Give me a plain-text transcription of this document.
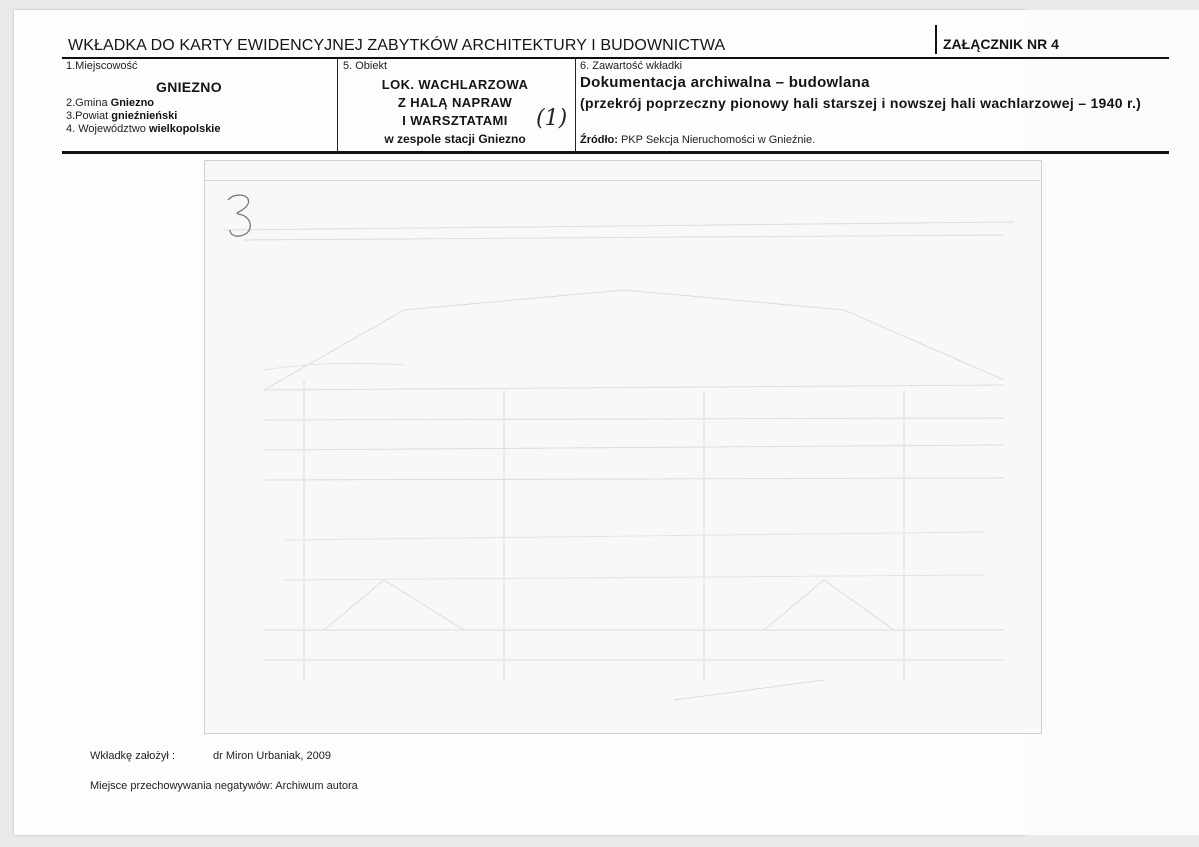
WKŁADKA DO KARTY EWIDENCYJNEJ ZABYTKÓW ARCHITEKTURY I BUDOWNICTWA	ZAŁĄCZNIK NR 4
1.Miejscowość
GNIEZNO
2.Gmina Gniezno
3.Powiat gnieźnieński
4. Województwo wielkopolskie
5. Obiekt
LOK. WACHLARZOWA
Z HALĄ NAPRAW
I WARSZTATAMI	(1)
w zespole stacji Gniezno
6. Zawartość wkładki
Dokumentacja archiwalna – budowlana
(przekrój poprzeczny pionowy hali starszej i nowszej hali wachlarzowej – 1940 r.)
Źródło: PKP Sekcja Nieruchomości w Gnieźnie.
Wkładkę założył :	dr Miron Urbaniak, 2009
Miejsce przechowywania negatywów: Archiwum autora
